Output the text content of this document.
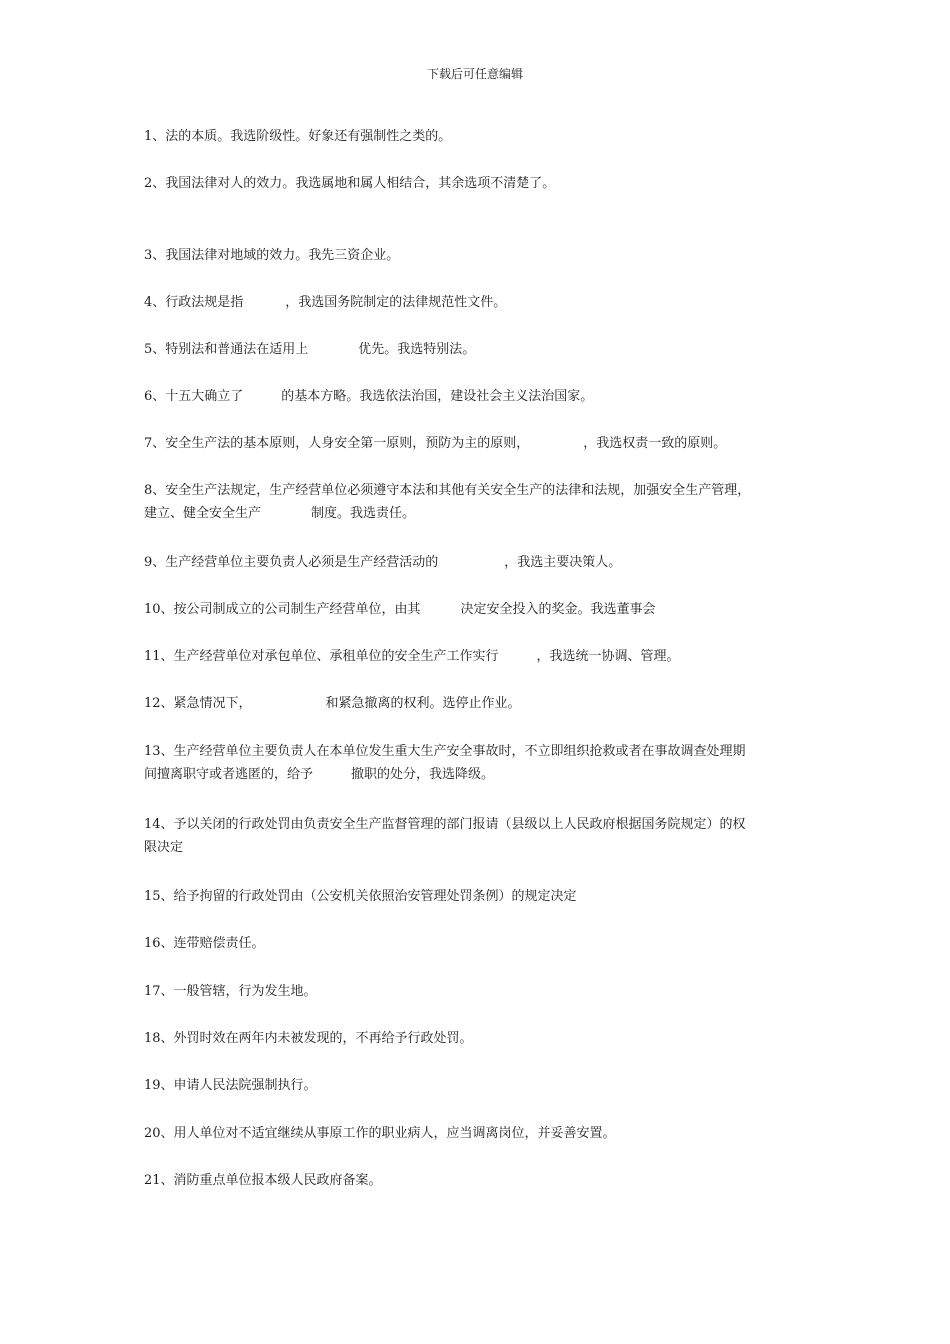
下载后可任意编辑
1、法的本质。我选阶级性。好象还有强制性之类的。
2、我国法律对人的效力。我选属地和属人相结合，其余选项不清楚了。
3、我国法律对地域的效力。我先三资企业。
4、行政法规是指	，我选国务院制定的法律规范性文件。
5、特别法和普通法在适用上	优先。我选特别法。
6、十五大确立了	的基本方略。我选依法治国，建设社会主义法治国家。
7、安全生产法的基本原则，人身安全第一原则，预防为主的原则，	，我选权责一致的原则。
8、安全生产法规定，生产经营单位必须遵守本法和其他有关安全生产的法律和法规，加强安全生产管理，
建立、健全安全生产	制度。我选责任。
9、生产经营单位主要负责人必须是生产经营活动的	，我选主要决策人。
10、按公司制成立的公司制生产经营单位，由其	决定安全投入的奖金。我选董事会
11、生产经营单位对承包单位、承租单位的安全生产工作实行	，我选统一协调、管理。
12、紧急情况下，	和紧急撤离的权利。选停止作业。
13、生产经营单位主要负责人在本单位发生重大生产安全事故时，不立即组织抢救或者在事故调查处理期
间擅离职守或者逃匿的，给予	撤职的处分，我选降级。
14、予以关闭的行政处罚由负责安全生产监督管理的部门报请（县级以上人民政府根据国务院规定）的权
限决定
15、给予拘留的行政处罚由（公安机关依照治安管理处罚条例）的规定决定
16、连带赔偿责任。
17、一般管辖，行为发生地。
18、外罚时效在两年内未被发现的，不再给予行政处罚。
19、申请人民法院强制执行。
20、用人单位对不适宜继续从事原工作的职业病人，应当调离岗位，并妥善安置。
21、消防重点单位报本级人民政府备案。
